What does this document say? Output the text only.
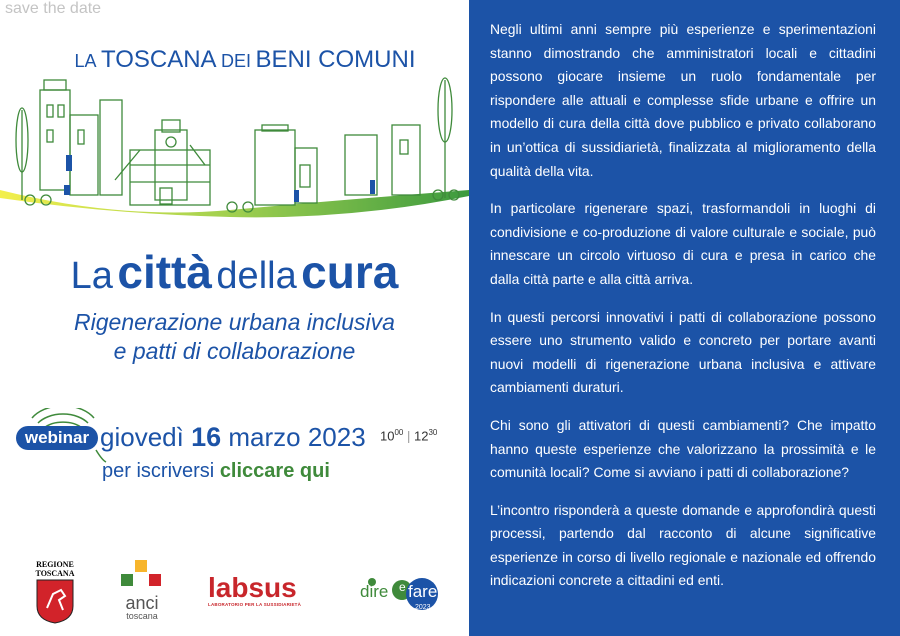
save the date
LA TOSCANA DEI BENI COMUNI
La città della cura
Rigenerazione urbana inclusiva
e patti di collaborazione
webinar giovedì 16 marzo 2023 $10^{00}$ | $12^{30}$
per iscriversi cliccare qui
REGIONE
TOSCANA
anci
toscana
labsus
LABORATORIO PER LA SUSSIDIARIETÀ
dire e fare
2023

Negli ultimi anni sempre più esperienze e sperimentazioni stanno dimostrando che amministratori locali e cittadini possono giocare insieme un ruolo fondamentale per rispondere alle attuali e complesse sfide urbane e offrire un modello di cura della città dove pubblico e privato collaborano in un’ottica di sussidiarietà, finalizzata al miglioramento della qualità della vita.

In particolare rigenerare spazi, trasformandoli in luoghi di condivisione e co-produzione di valore culturale e sociale, può innescare un circolo virtuoso di cura e presa in carico che dalla città parte e alla città arriva.

In questi percorsi innovativi i patti di collaborazione possono essere uno strumento valido e concreto per portare avanti nuovi modelli di rigenerazione urbana inclusiva e attivare cambiamenti duraturi.

Chi sono gli attivatori di questi cambiamenti? Che impatto hanno queste esperienze che valorizzano la prossimità e le comunità locali? Come si avviano i patti di collaborazione?

L’incontro risponderà a queste domande e approfondirà questi processi, partendo dal racconto di alcune significative esperienze in corso di livello regionale e nazionale ed offrendo indicazioni concrete a cittadini ed enti.
